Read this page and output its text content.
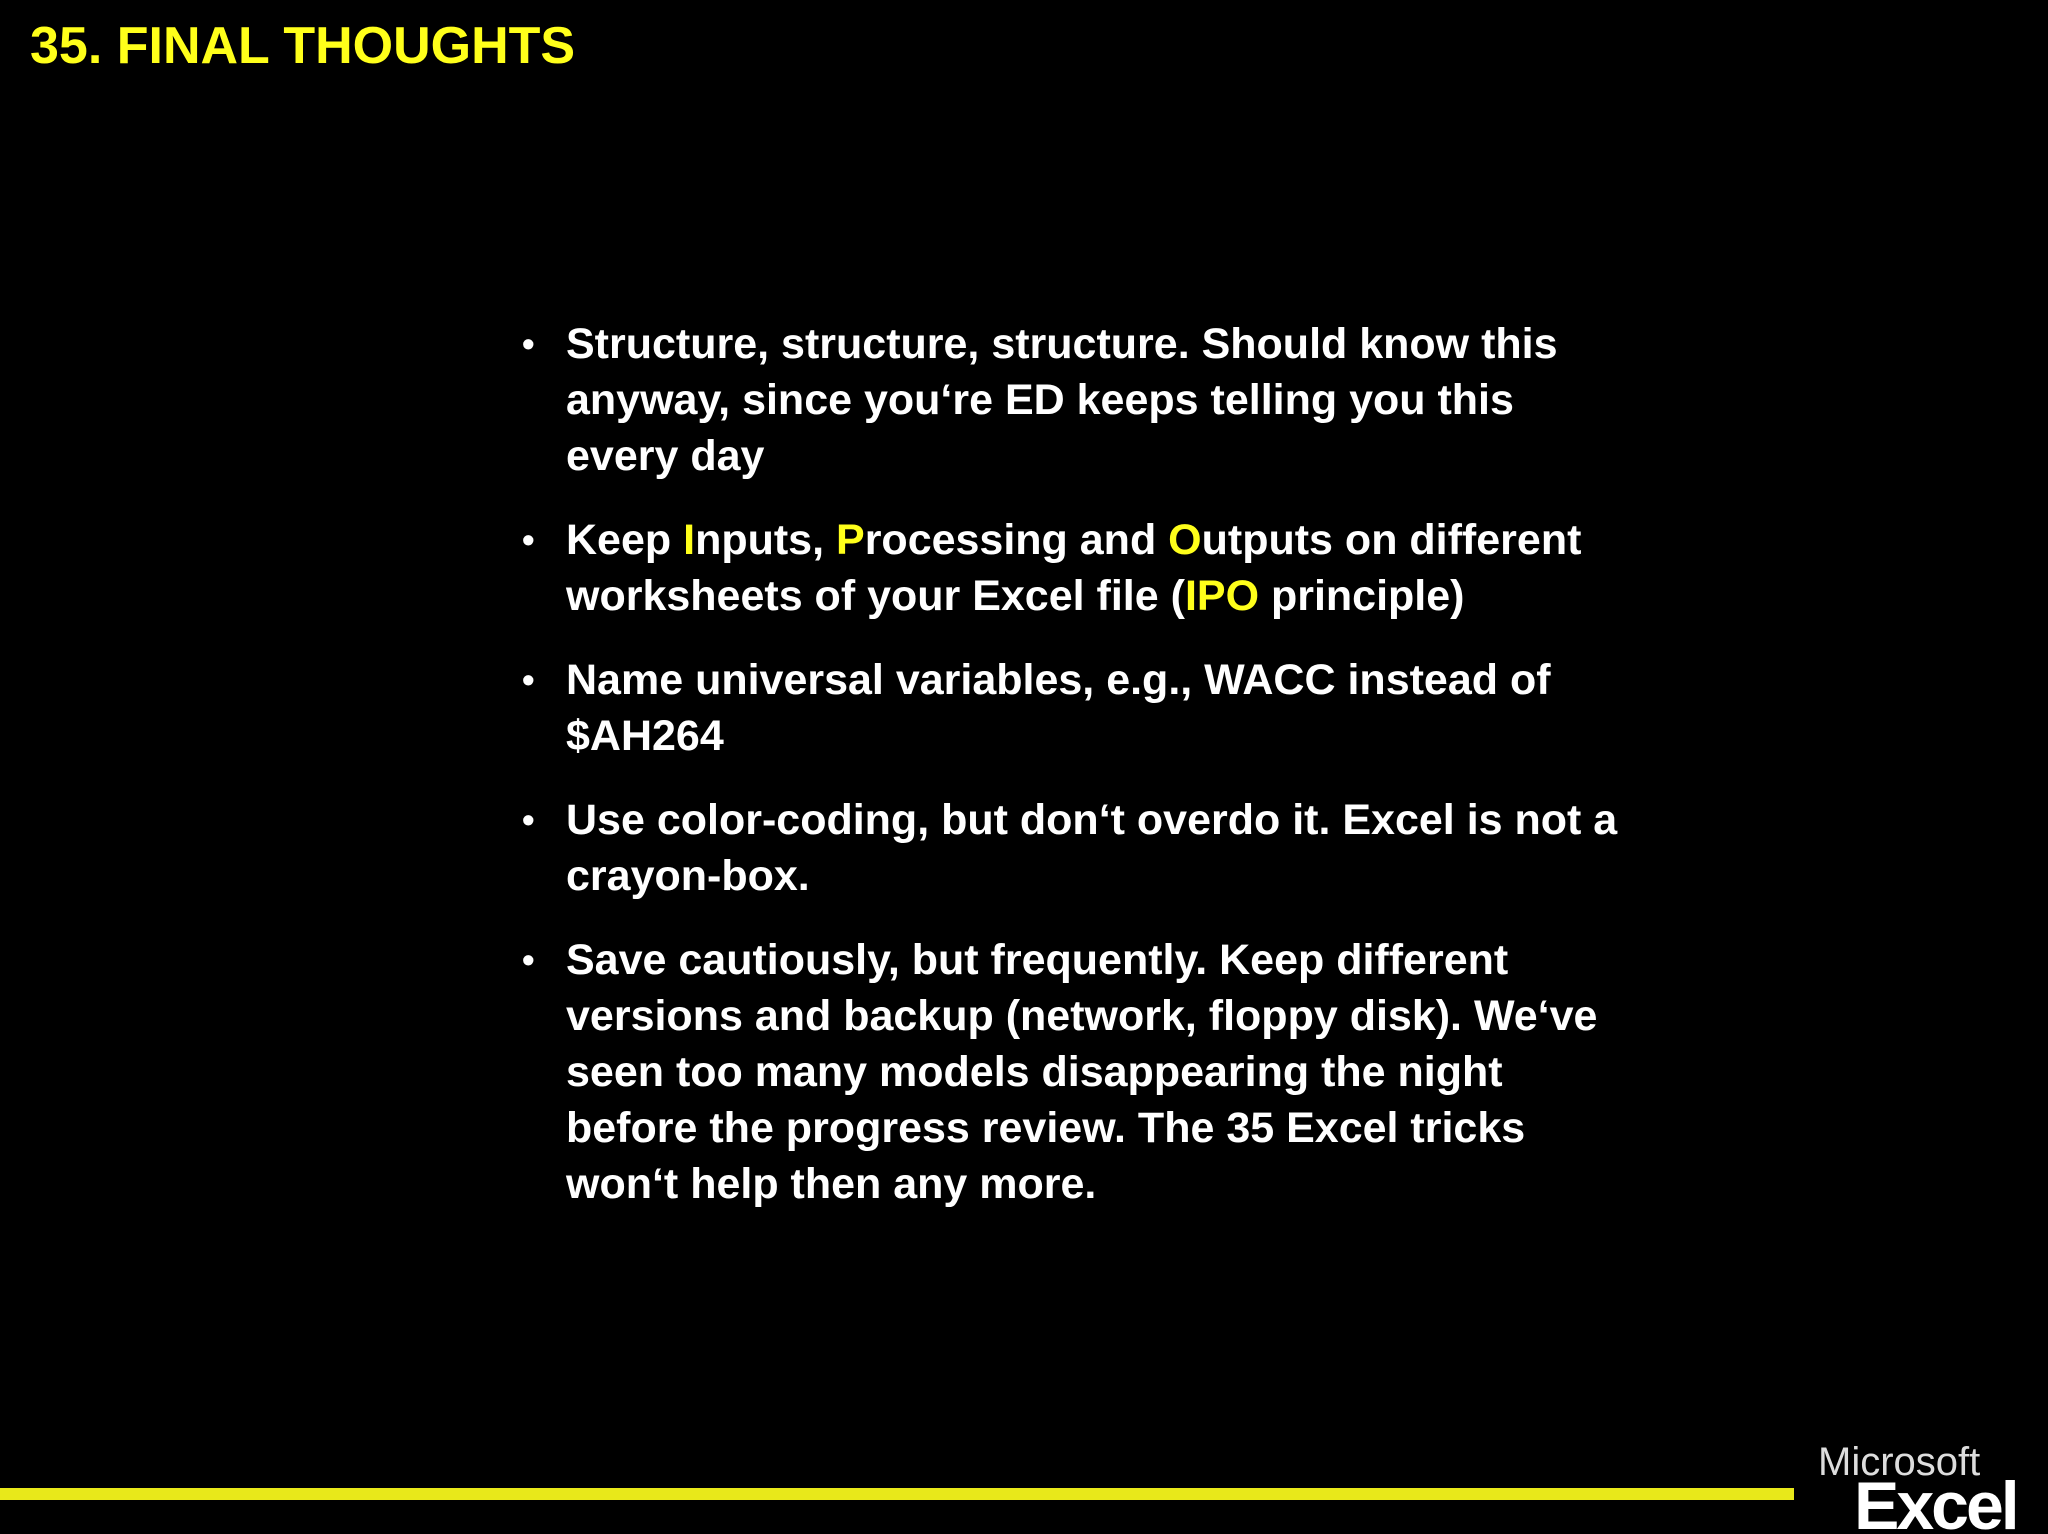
35. FINAL THOUGHTS
• Structure, structure, structure. Should know this anyway, since you‘re ED keeps telling you this every day
• Keep Inputs, Processing and Outputs on different worksheets of your Excel file (IPO principle)
• Name universal variables, e.g., WACC instead of $AH264
• Use color-coding, but don‘t overdo it. Excel is not a crayon-box.
• Save cautiously, but frequently. Keep different versions and backup (network, floppy disk). We‘ve seen too many models disappearing the night before the progress review. The 35 Excel tricks won‘t help then any more.
Microsoft
Excel
